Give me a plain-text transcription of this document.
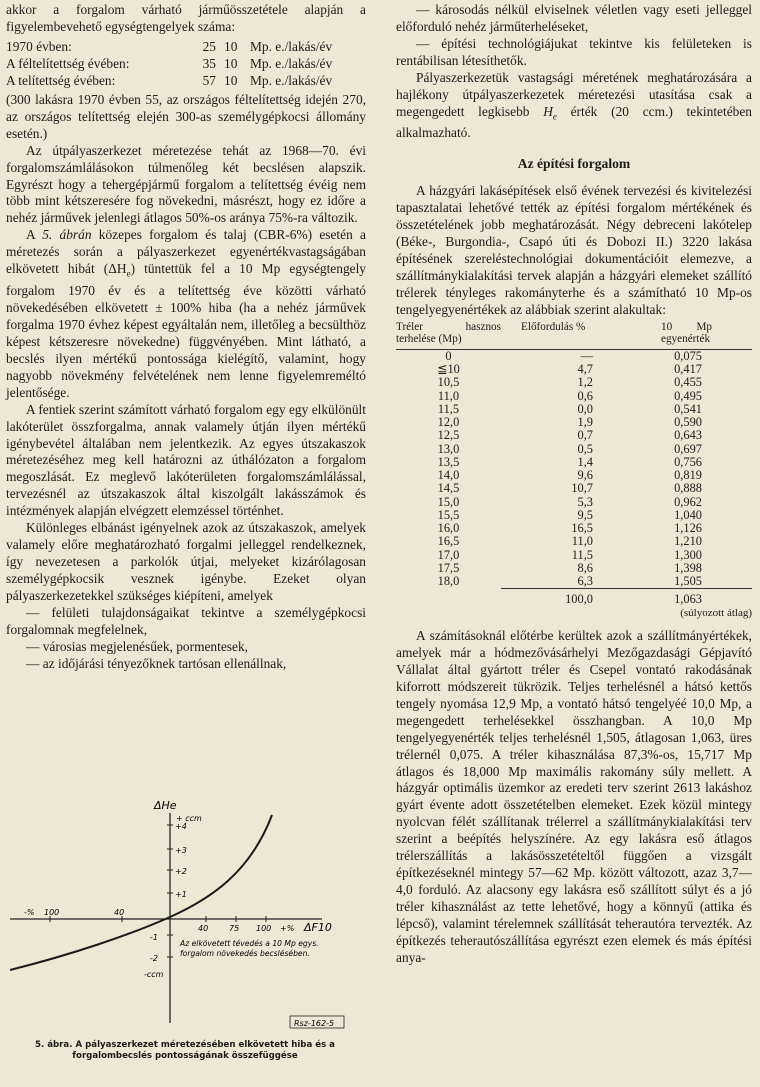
akkor a forgalom várható járműösszetétele alapján a figyelembevehető egységtengelyek száma:

1970 évben:	25 10 Mp. e./lakás/év
A féltelítettség évében:	35 10 Mp. e./lakás/év
A telítettség évében:	57 10 Mp. e./lakás/év

(300 lakásra 1970 évben 55, az országos féltelítettség idején 270, az országos telítettség elején 300-as személygépkocsi állomány esetén.)

Az útpályaszerkezet méretezése tehát az 1968—70. évi forgalomszámlálásokon túlmenőleg két becslésen alapszik. Egyrészt hogy a tehergépjármű forgalom a telítettség évéig nem több mint kétszeresére fog növekedni, másrészt, hogy ez időre a nehéz járművek jelenlegi átlagos 50%-os aránya 75%-ra változik.

A 5. ábrán közepes forgalom és talaj (CBR-6%) esetén a méretezés során a pályaszerkezet egyenértékvastagságában elkövetett hibát $(\Delta H_e)$ tüntettük fel a 10 Mp egységtengely forgalom 1970 év és a telítettség éve közötti várható növekedésében elkövetett ± 100% hiba (ha a nehéz járművek forgalma 1970 évhez képest egyáltalán nem, illetőleg a becsülthöz képest kétszeresre növekedne) függvényében. Mint látható, a becslés ilyen mértékű pontossága kielégítő, valamint, hogy nagyobb növekmény felvételének nem lenne figyelemreméltó jelentősége.

A fentiek szerint számított várható forgalom egy egy elkülönült lakóterület összforgalma, annak valamely útján ilyen mértékű igénybevétel általában nem jelentkezik. Az egyes útszakaszok méretezéséhez meg kell határozni az úthálózaton a forgalom megoszlását. Ez meglevő lakóterületen forgalomszámlálással, tervezésnél az útszakaszok által kiszolgált lakásszámok és intézmények alapján elvégzett elemzéssel történhet.

Különleges elbánást igényelnek azok az útszakaszok, amelyek valamely előre meghatározható forgalmi jelleggel rendelkeznek, így nevezetesen a parkolók útjai, melyeket kizárólagosan személygépkocsik vesznek igénybe. Ezeket olyan pályaszerkezetekkel szükséges kiépíteni, amelyek

— felületi tulajdonságaikat tekintve a személygépkocsi forgalomnak megfelelnek,

— városias megjelenésűek, pormentesek,

— az időjárási tényezőknek tartósan ellenállnak,

ΔHe
+ ccm
+4
+3
+2
+1
-1
-2
-ccm
-% 100	40
40	75 100 +% ΔF10
Az elkövetett tévedés a 10 Mp egys.
forgalom növekedés becslésében.
Rsz-162-5
5. ábra. A pályaszerkezet méretezésében elkövetett hiba és a
forgalombecslés pontosságának összefüggése

— károsodás nélkül elviselnek véletlen vagy eseti jelleggel előforduló nehéz járműterheléseket,

— építési technológiájukat tekintve kis felületeken is rentábilisan létesíthetők.

Pályaszerkezetük vastagsági méretének meghatározására a hajlékony útpályaszerkezetek méretezési utasítása csak a megengedett legkisebb $H_e$ érték (20 ccm.) tekintetében alkalmazható.

Az építési forgalom

A házgyári lakásépítések első évének tervezési és kivitelezési tapasztalatai lehetővé tették az építési forgalom mértékének és összetételének jobb meghatározását. Négy debreceni lakótelep (Béke-, Burgondia-, Csapó úti és Dobozi II.) 3220 lakása építésének szereléstechnológiai dokumentációit elemezve, a szállítmánykialakítási tervek alapján a házgyári elemeket szállító trélerek tényleges rakományterhe és a számítható 10 Mp-os tengelyegyenértékek az alábbiak szerint alakultak:

Tréler hasznos terhelése (Mp)	Előfordulás %	10 Mp egyenérték

0	—	0,075
≦10	4,7	0,417
10,5	1,2	0,455
11,0	0,6	0,495
11,5	0,0	0,541
12,0	1,9	0,590
12,5	0,7	0,643
13,0	0,5	0,697
13,5	1,4	0,756
14,0	9,6	0,819
14,5	10,7	0,888
15,0	5,3	0,962
15,5	9,5	1,040
16,0	16,5	1,126
16,5	11,0	1,210
17,0	11,5	1,300
17,5	8,6	1,398
18,0	6,3	1,505

	100,0	1,063
		(súlyozott átlag)

A számításoknál előtérbe kerültek azok a szállítmányértékek, amelyek már a hódmezővásárhelyi Mezőgazdasági Gépjavító Vállalat által gyártott tréler és Csepel vontató rakodásának kiforrott módszereit tükrözik. Teljes terhelésnél a hátsó kettős tengely nyomása 12,9 Mp, a vontató hátsó tengelyéé 10,0 Mp, a megengedett terhelésekkel összhangban. A 10,0 Mp tengelyegyenérték teljes terhelésnél 1,505, átlagosan 1,063, üres trélernél 0,075. A tréler kihasználása 87,3%-os, 15,717 Mp átlagos és 18,000 Mp maximális rakomány súly mellett. A házgyár optimális üzemkor az eredeti terv szerint 2613 lakáshoz gyárt évente adott összetételben elemeket. Ezek közül mintegy nyolcvan félét szállítanak trélerrel a szállítmánykialakítási terv szerint a beépítés helyszínére. Az egy lakásra eső átlagos trélerszállítás a lakásösszetételtől függően a vizsgált építkezéseknél mintegy 57—62 Mp. között változott, azaz 3,7—4,0 forduló. Az alacsony egy lakásra eső szállított súlyt és a jó tréler kihasználást az tette lehetővé, hogy a könnyű (attika és lépcső), valamint térelemnek szállítását teherautóra tervezték. Az építkezés teherautószállítása egyrészt ezen elemek és más építési anya-
